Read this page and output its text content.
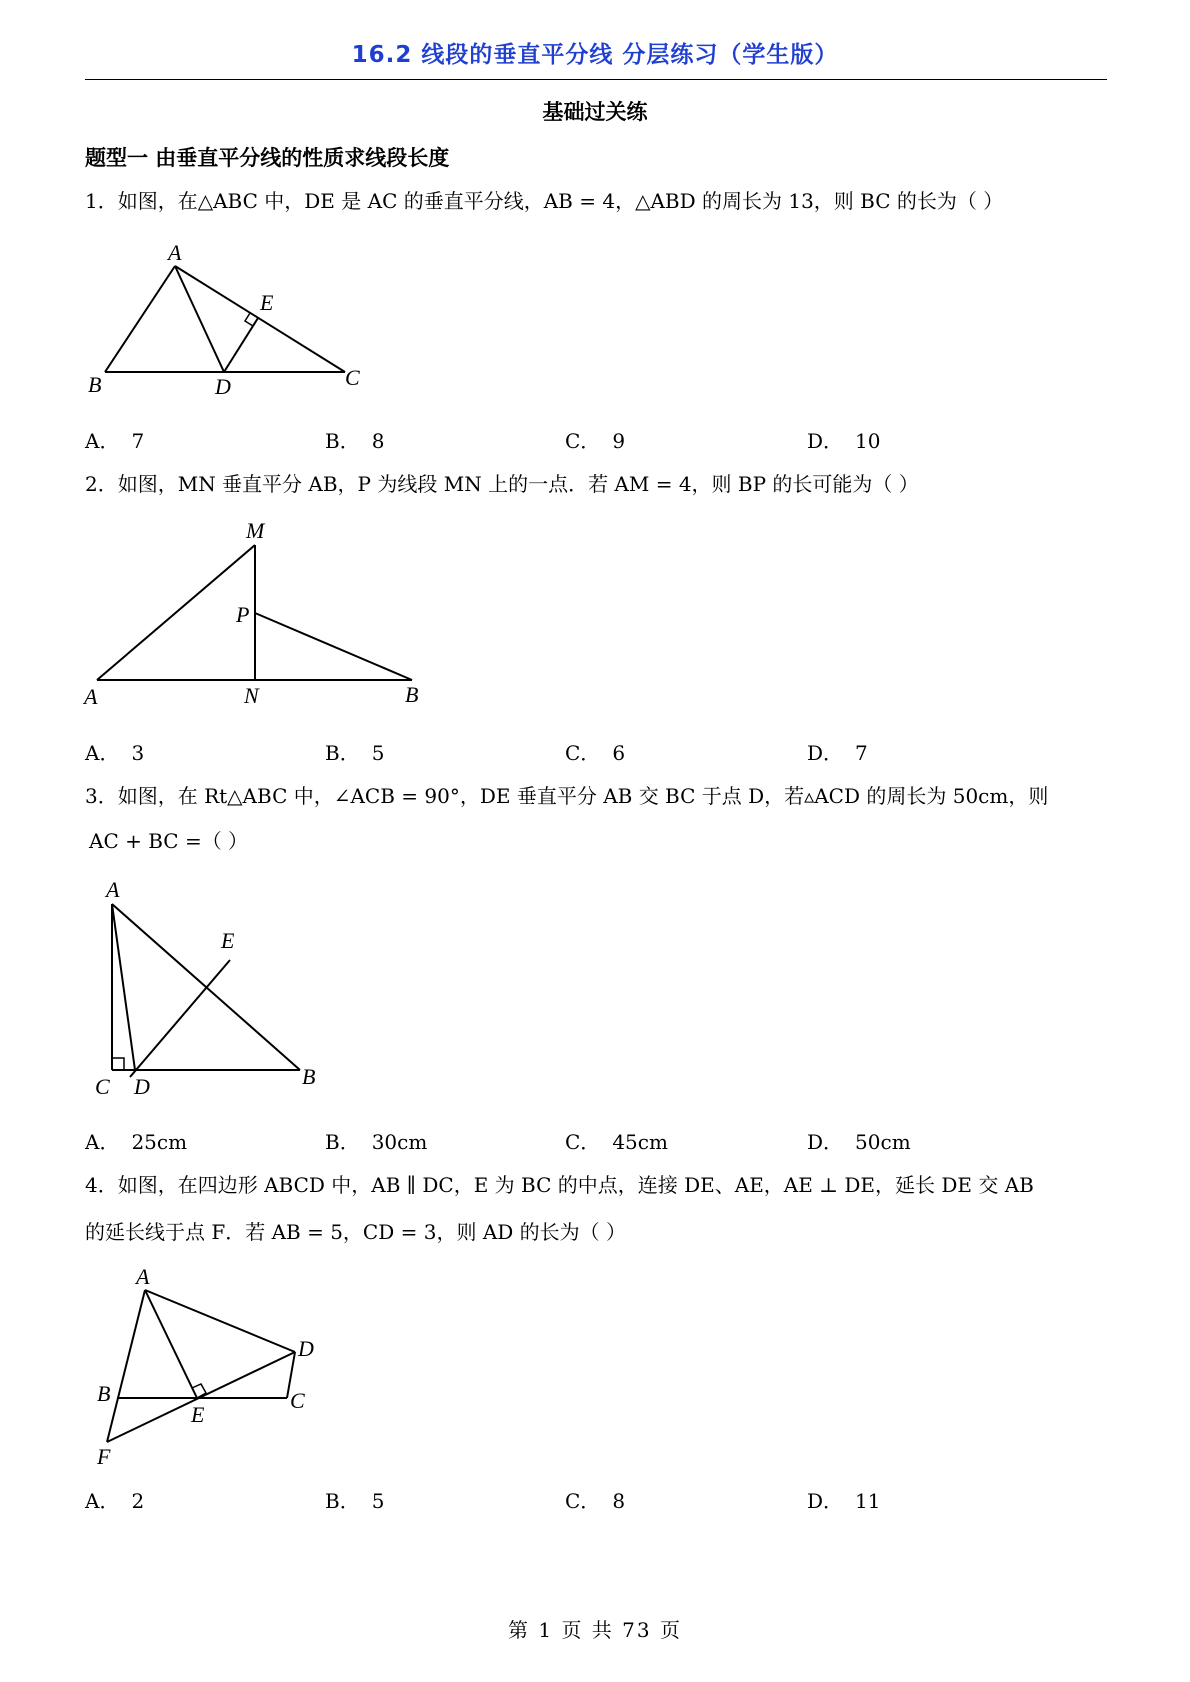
16.2 线段的垂直平分线 分层练习（学生版）
基础过关练
题型一 由垂直平分线的性质求线段长度
1．如图，在△ABC 中，DE 是 AC 的垂直平分线，AB = 4，△ABD 的周长为 13，则 BC 的长为（ ）
A
B	C
D
E
M
P
A	N	B
A
E
C D	B
A
D
B	C
E
F
A． 7	B． 8	C． 9	D． 10
2．如图，MN 垂直平分 AB，P 为线段 MN 上的一点．若 AM = 4，则 BP 的长可能为（ ）
A． 3	B． 5	C． 6	D． 7
3．如图，在 Rt△ABC 中，∠ACB = 90°，DE 垂直平分 AB 交 BC 于点 D，若▵ACD 的周长为 50cm，则
AC + BC =（ ）
A． 25cm	B． 30cm	C． 45cm	D． 50cm
4．如图，在四边形 ABCD 中，AB ∥ DC，E 为 BC 的中点，连接 DE、AE，AE ⊥ DE，延长 DE 交 AB
的延长线于点 F．若 AB = 5，CD = 3，则 AD 的长为（ ）
A． 2	B． 5	C． 8	D． 11
第 1 页 共 73 页
